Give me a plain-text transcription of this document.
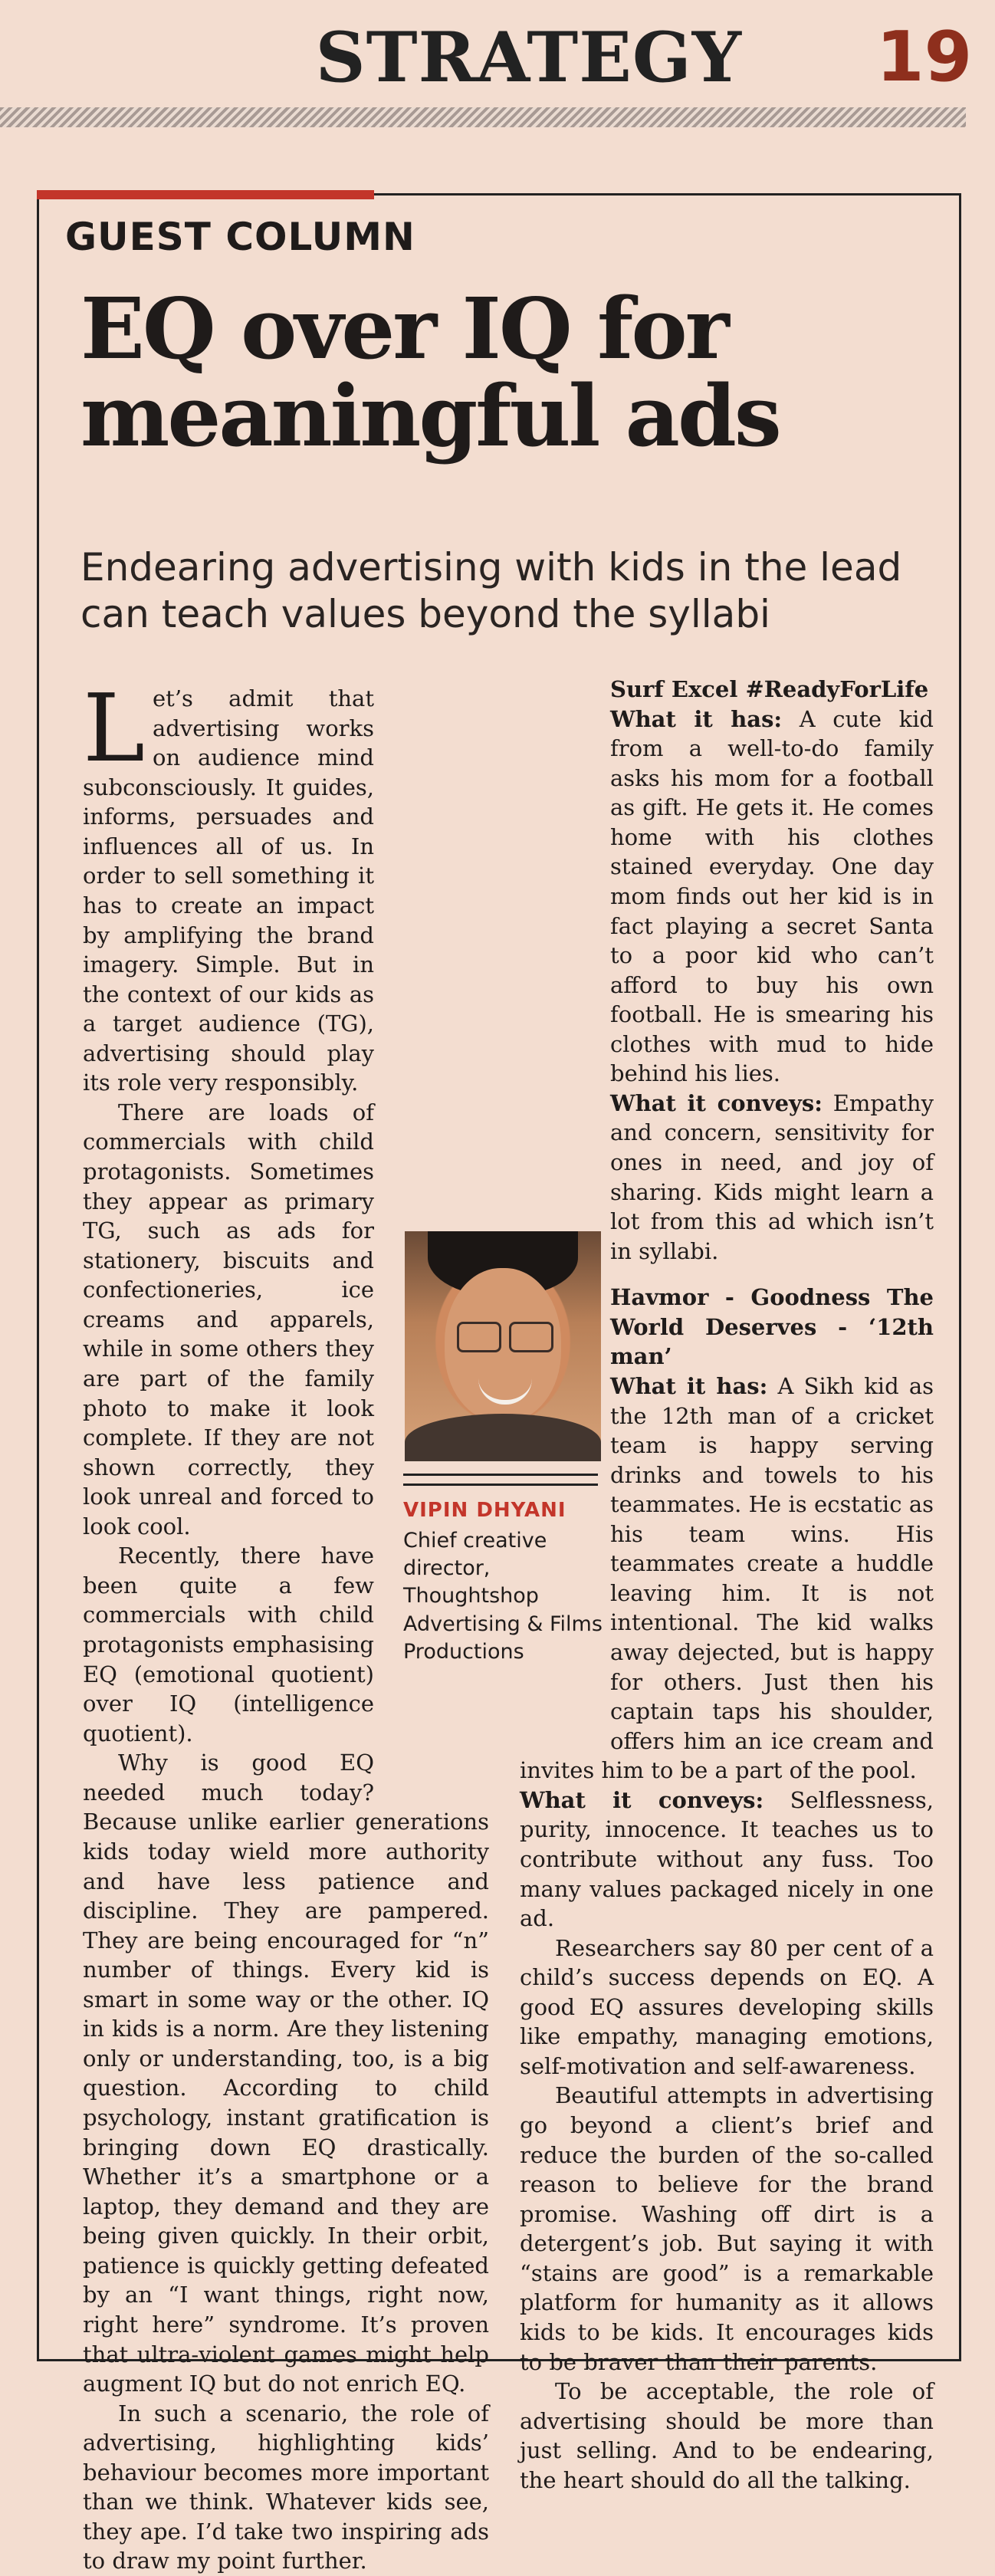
STRATEGY 19
GUEST COLUMN
EQ over IQ for meaningful ads
Endearing advertising with kids in the lead can teach values beyond the syllabi

Let’s admit that advertising works on audience mind subconsciously. It guides, informs, persuades and influences all of us. In order to sell something it has to create an impact by amplifying the brand imagery. Simple. But in the context of our kids as a target audience (TG), advertising should play its role very responsibly.

There are loads of commercials with child protagonists. Sometimes they appear as primary TG, such as ads for stationery, biscuits and confectioneries, ice creams and apparels, while in some others they are part of the family photo to make it look complete. If they are not shown correctly, they look unreal and forced to look cool.

Recently, there have been quite a few commercials with child protagonists emphasising EQ (emotional quotient) over IQ (intelligence quotient).

Why is good EQ needed much today? Because unlike earlier generations kids today wield more authority and have less patience and discipline. They are pampered. They are being encouraged for “n” number of things. Every kid is smart in some way or the other. IQ in kids is a norm. Are they listening only or understanding, too, is a big question. According to child psychology, instant gratification is bringing down EQ drastically. Whether it’s a smartphone or a laptop, they demand and they are being given quickly. In their orbit, patience is quickly getting defeated by an “I want things, right now, right here” syndrome. It’s proven that ultra-violent games might help augment IQ but do not enrich EQ.

In such a scenario, the role of advertising, highlighting kids’ behaviour becomes more important than we think. Whatever kids see, they ape. I’d take two inspiring ads to draw my point further.

Surf Excel #ReadyForLife

What it has: A cute kid from a well-to-do family asks his mom for a football as gift. He gets it. He comes home with his clothes stained everyday. One day mom finds out her kid is in fact playing a secret Santa to a poor kid who can’t afford to buy his own football. He is smearing his clothes with mud to hide behind his lies.

What it conveys: Empathy and concern, sensitivity for ones in need, and joy of sharing. Kids might learn a lot from this ad which isn’t in syllabi.

Havmor - Goodness The World Deserves - ‘12th man’

What it has: A Sikh kid as the 12th man of a cricket team is happy serving drinks and towels to his teammates. He is ecstatic as his team wins. His teammates create a huddle leaving him. It is not intentional. The kid walks away dejected, but is happy for others. Just then his captain taps his shoulder, offers him an ice cream and invites him to be a part of the pool.

What it conveys: Selflessness, purity, innocence. It teaches us to contribute without any fuss. Too many values packaged nicely in one ad.

Researchers say 80 per cent of a child’s success depends on EQ. A good EQ assures developing skills like empathy, managing emotions, self-motivation and self-awareness.

Beautiful attempts in advertising go beyond a client’s brief and reduce the burden of the so-called reason to believe for the brand promise. Washing off dirt is a detergent’s job. But saying it with “stains are good” is a remarkable platform for humanity as it allows kids to be kids. It encourages kids to be braver than their parents.

To be acceptable, the role of advertising should be more than just selling. And to be endearing, the heart should do all the talking.

VIPIN DHYANI
Chief creative director, Thoughtshop Advertising & Films Productions
